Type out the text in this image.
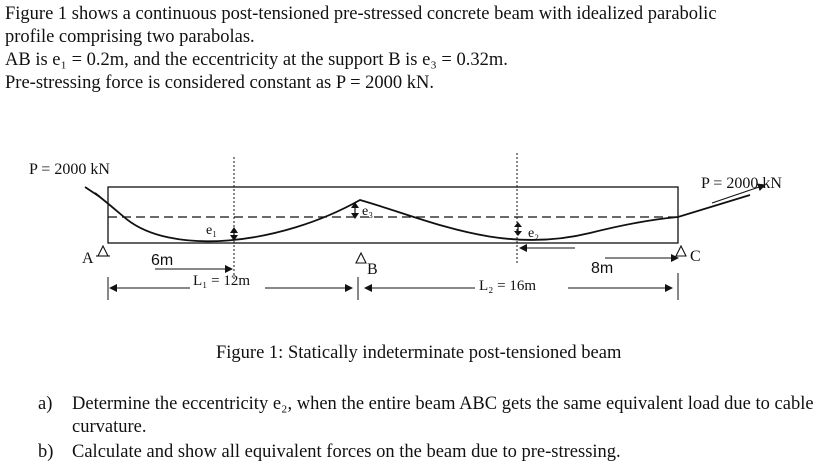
Figure 1 shows a continuous post-tensioned pre-stressed concrete beam with idealized parabolic

profile comprising two parabolas.

AB is e₁ = 0.2m, and the eccentricity at the support B is e₃ = 0.32m.

Pre-stressing force is considered constant as P = 2000 kN.

P = 2000 kN
P = 2000 kN
A
B
C
e₁
e₃
e₂
6m	8m
L₁ = 12m	L₂ = 16m
Figure 1: Statically indeterminate post-tensioned beam
a)	Determine the eccentricity e₂, when the entire beam ABC gets the same equivalent load due to cable curvature.
b)	Calculate and show all equivalent forces on the beam due to pre-stressing.
